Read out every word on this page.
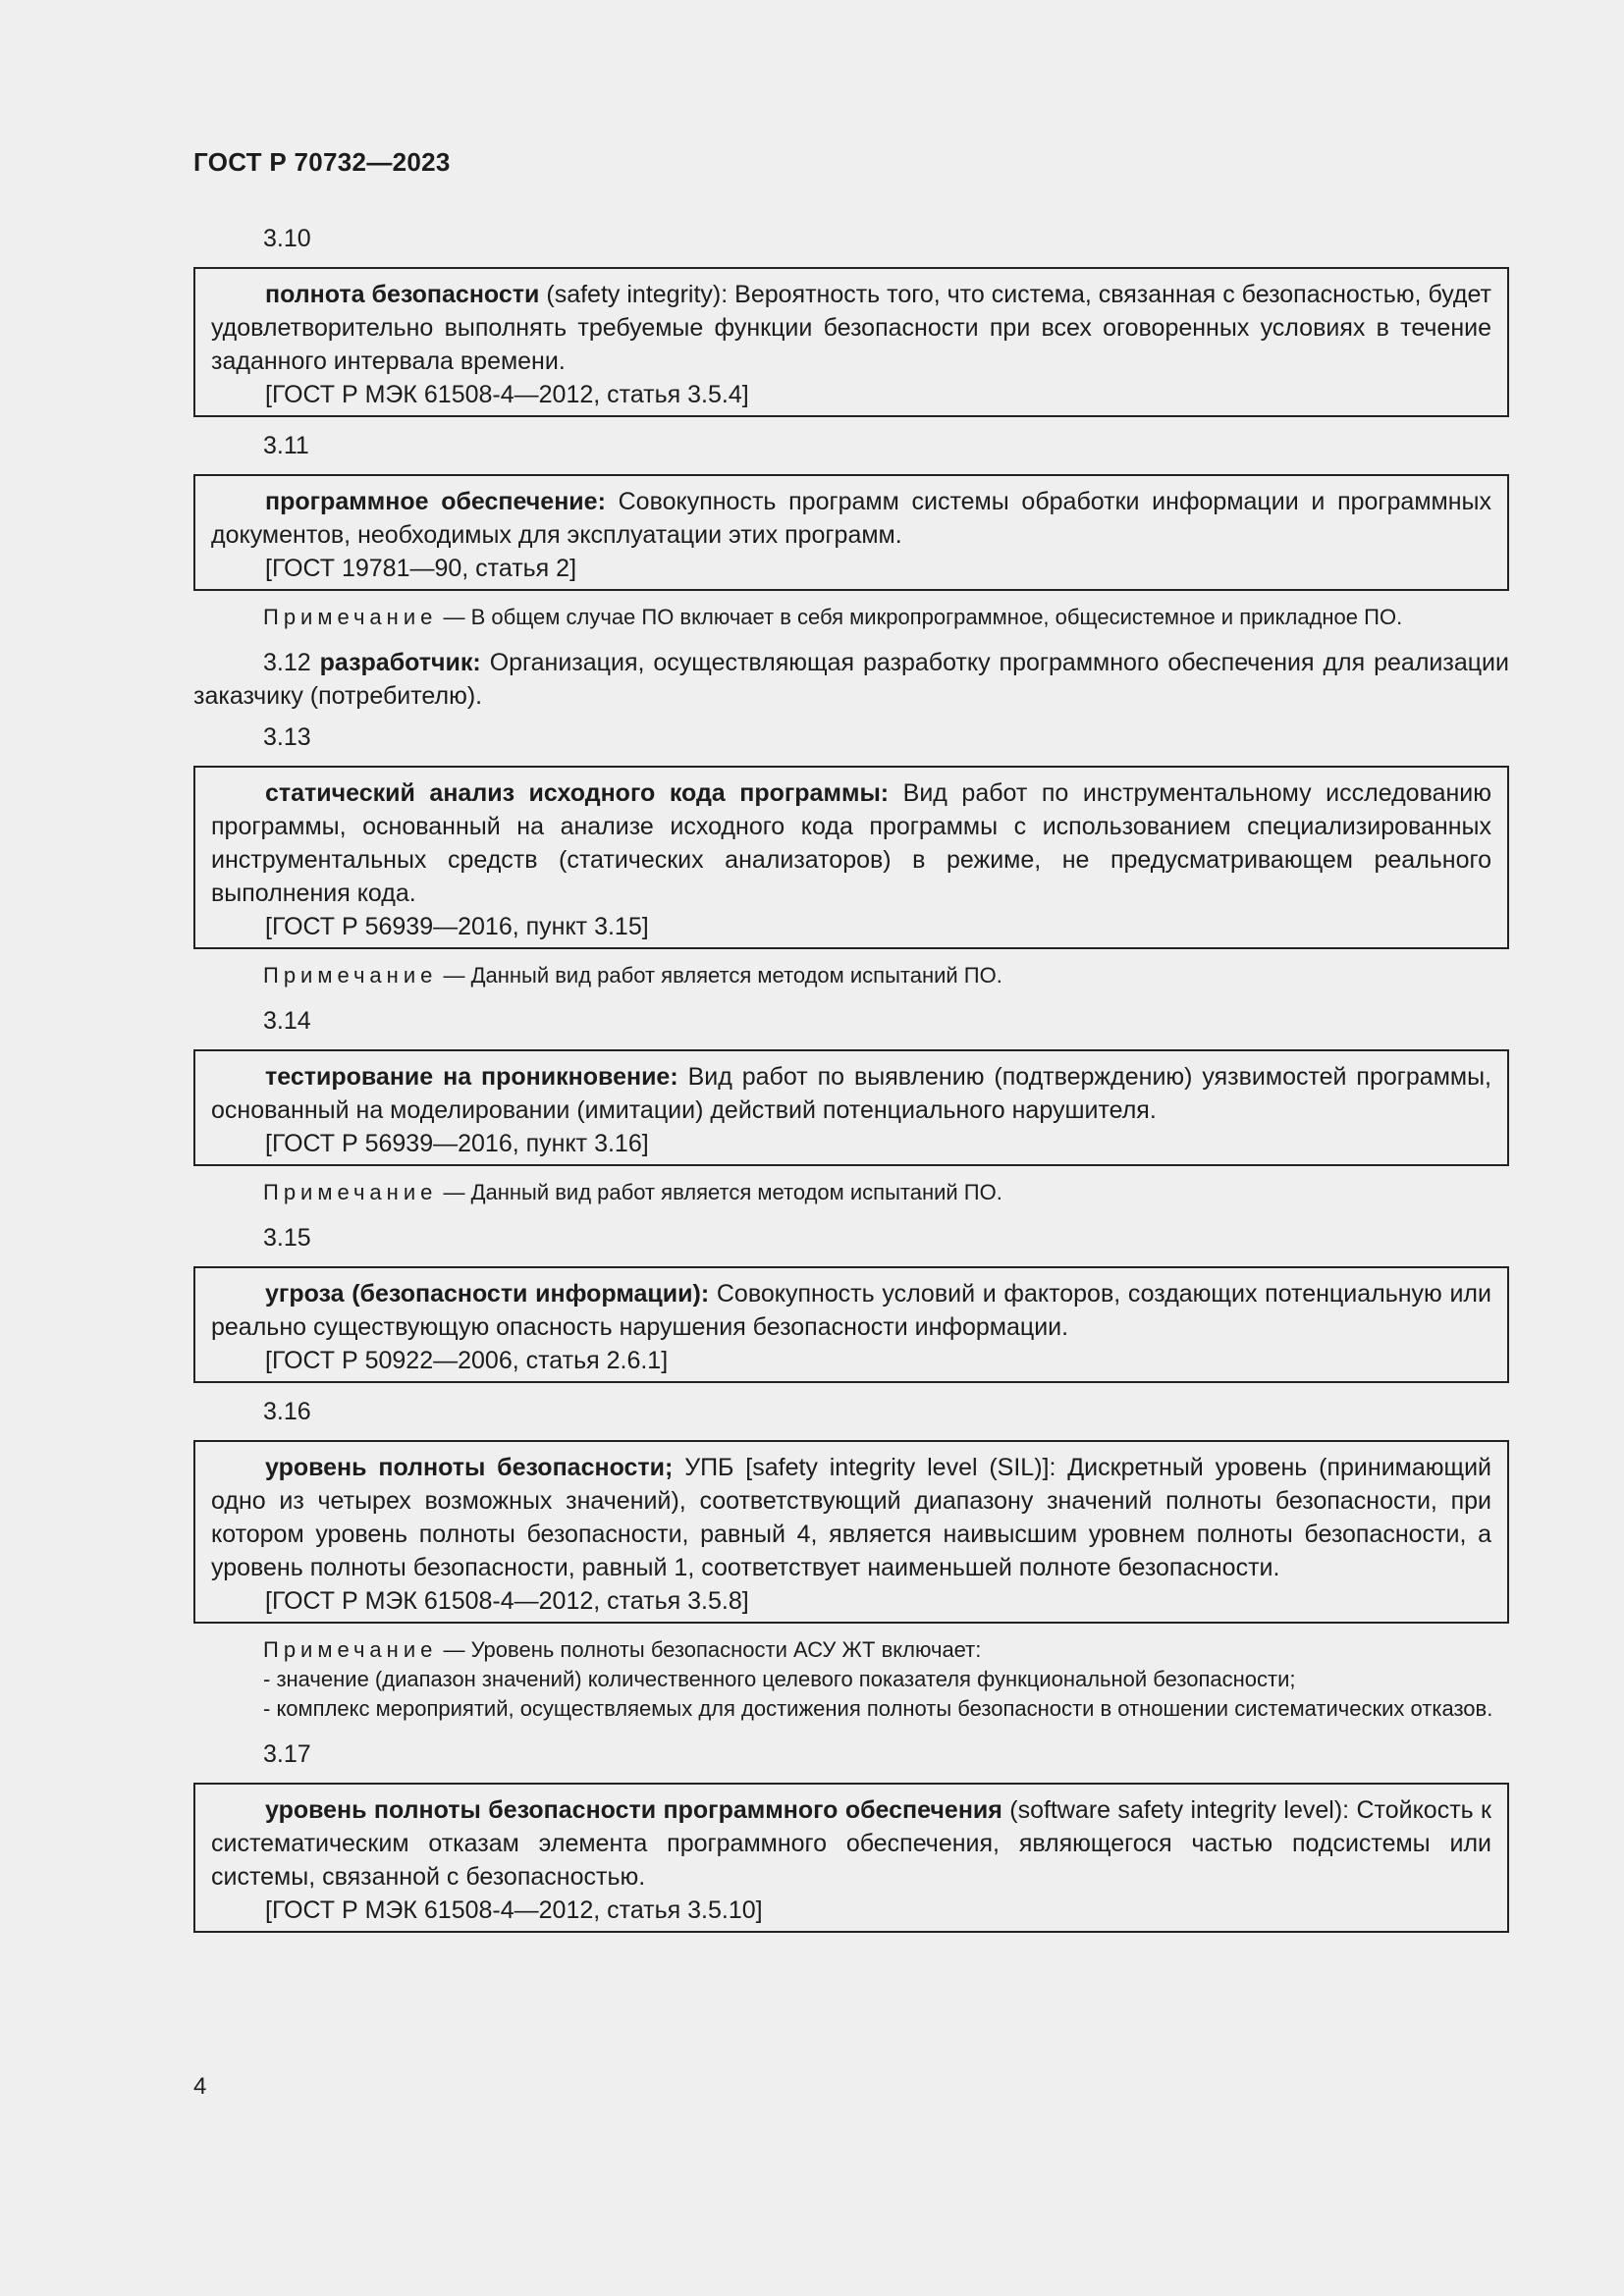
ГОСТ Р 70732—2023
3.10

полнота безопасности (safety integrity): Вероятность того, что система, связанная с безопасностью, будет удовлетворительно выполнять требуемые функции безопасности при всех оговоренных условиях в течение заданного интервала времени.

[ГОСТ Р МЭК 61508-4—2012, статья 3.5.4]
3.11

программное обеспечение: Совокупность программ системы обработки информации и программных документов, необходимых для эксплуатации этих программ.

[ГОСТ 19781—90, статья 2]

Примечание — В общем случае ПО включает в себя микропрограммное, общесистемное и прикладное ПО.

3.12 разработчик: Организация, осуществляющая разработку программного обеспечения для реализации заказчику (потребителю).
3.13

статический анализ исходного кода программы: Вид работ по инструментальному исследованию программы, основанный на анализе исходного кода программы с использованием специализированных инструментальных средств (статических анализаторов) в режиме, не предусматривающем реального выполнения кода.

[ГОСТ Р 56939—2016, пункт 3.15]

Примечание — Данный вид работ является методом испытаний ПО.

3.14

тестирование на проникновение: Вид работ по выявлению (подтверждению) уязвимостей программы, основанный на моделировании (имитации) действий потенциального нарушителя.

[ГОСТ Р 56939—2016, пункт 3.16]

Примечание — Данный вид работ является методом испытаний ПО.

3.15

угроза (безопасности информации): Совокупность условий и факторов, создающих потенциальную или реально существующую опасность нарушения безопасности информации.

[ГОСТ Р 50922—2006, статья 2.6.1]
3.16

уровень полноты безопасности; УПБ [safety integrity level (SIL)]: Дискретный уровень (принимающий одно из четырех возможных значений), соответствующий диапазону значений полноты безопасности, при котором уровень полноты безопасности, равный 4, является наивысшим уровнем полноты безопасности, а уровень полноты безопасности, равный 1, соответствует наименьшей полноте безопасности.

[ГОСТ Р МЭК 61508-4—2012, статья 3.5.8]

Примечание — Уровень полноты безопасности АСУ ЖТ включает:

- значение (диапазон значений) количественного целевого показателя функциональной безопасности;

- комплекс мероприятий, осуществляемых для достижения полноты безопасности в отношении систематических отказов.

3.17

уровень полноты безопасности программного обеспечения (software safety integrity level): Стойкость к систематическим отказам элемента программного обеспечения, являющегося частью подсистемы или системы, связанной с безопасностью.

[ГОСТ Р МЭК 61508-4—2012, статья 3.5.10]
4
